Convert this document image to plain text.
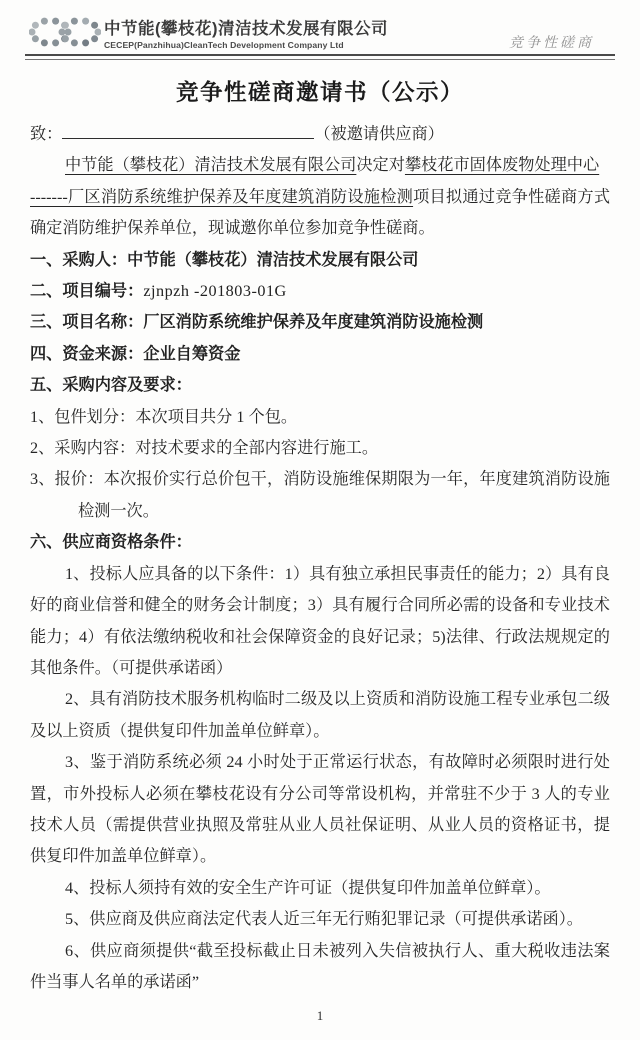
中节能(攀枝花)清洁技术发展有限公司
CECEP(Panzhihua)CleanTech Development Company Ltd	竞争性磋商
竞争性磋商邀请书（公示）

致：	（被邀请供应商）

中节能（攀枝花）清洁技术发展有限公司决定对攀枝花市固体废物处理中心
-------厂区消防系统维护保养及年度建筑消防设施检测项目拟通过竞争性磋商方式确定消防维护保养单位，现诚邀你单位参加竞争性磋商。

一、采购人：中节能（攀枝花）清洁技术发展有限公司

二、项目编号：zjnpzh -201803-01G

三、项目名称：厂区消防系统维护保养及年度建筑消防设施检测

四、资金来源：企业自筹资金

五、采购内容及要求：

1、包件划分：本次项目共分 1 个包。

2、采购内容：对技术要求的全部内容进行施工。

3、报价：本次报价实行总价包干，消防设施维保期限为一年，年度建筑消防设施检测一次。

六、供应商资格条件：

1、投标人应具备的以下条件：1）具有独立承担民事责任的能力；2）具有良好的商业信誉和健全的财务会计制度；3）具有履行合同所必需的设备和专业技术能力；4）有依法缴纳税收和社会保障资金的良好记录；5)法律、行政法规规定的其他条件。（可提供承诺函）

2、具有消防技术服务机构临时二级及以上资质和消防设施工程专业承包二级及以上资质（提供复印件加盖单位鲜章）。

3、鉴于消防系统必须 24 小时处于正常运行状态，有故障时必须限时进行处置，市外投标人必须在攀枝花设有分公司等常设机构，并常驻不少于 3 人的专业技术人员（需提供营业执照及常驻从业人员社保证明、从业人员的资格证书，提供复印件加盖单位鲜章）。

4、投标人须持有效的安全生产许可证（提供复印件加盖单位鲜章）。

5、供应商及供应商法定代表人近三年无行贿犯罪记录（可提供承诺函）。

6、供应商须提供“截至投标截止日未被列入失信被执行人、重大税收违法案件当事人名单的承诺函”

1
